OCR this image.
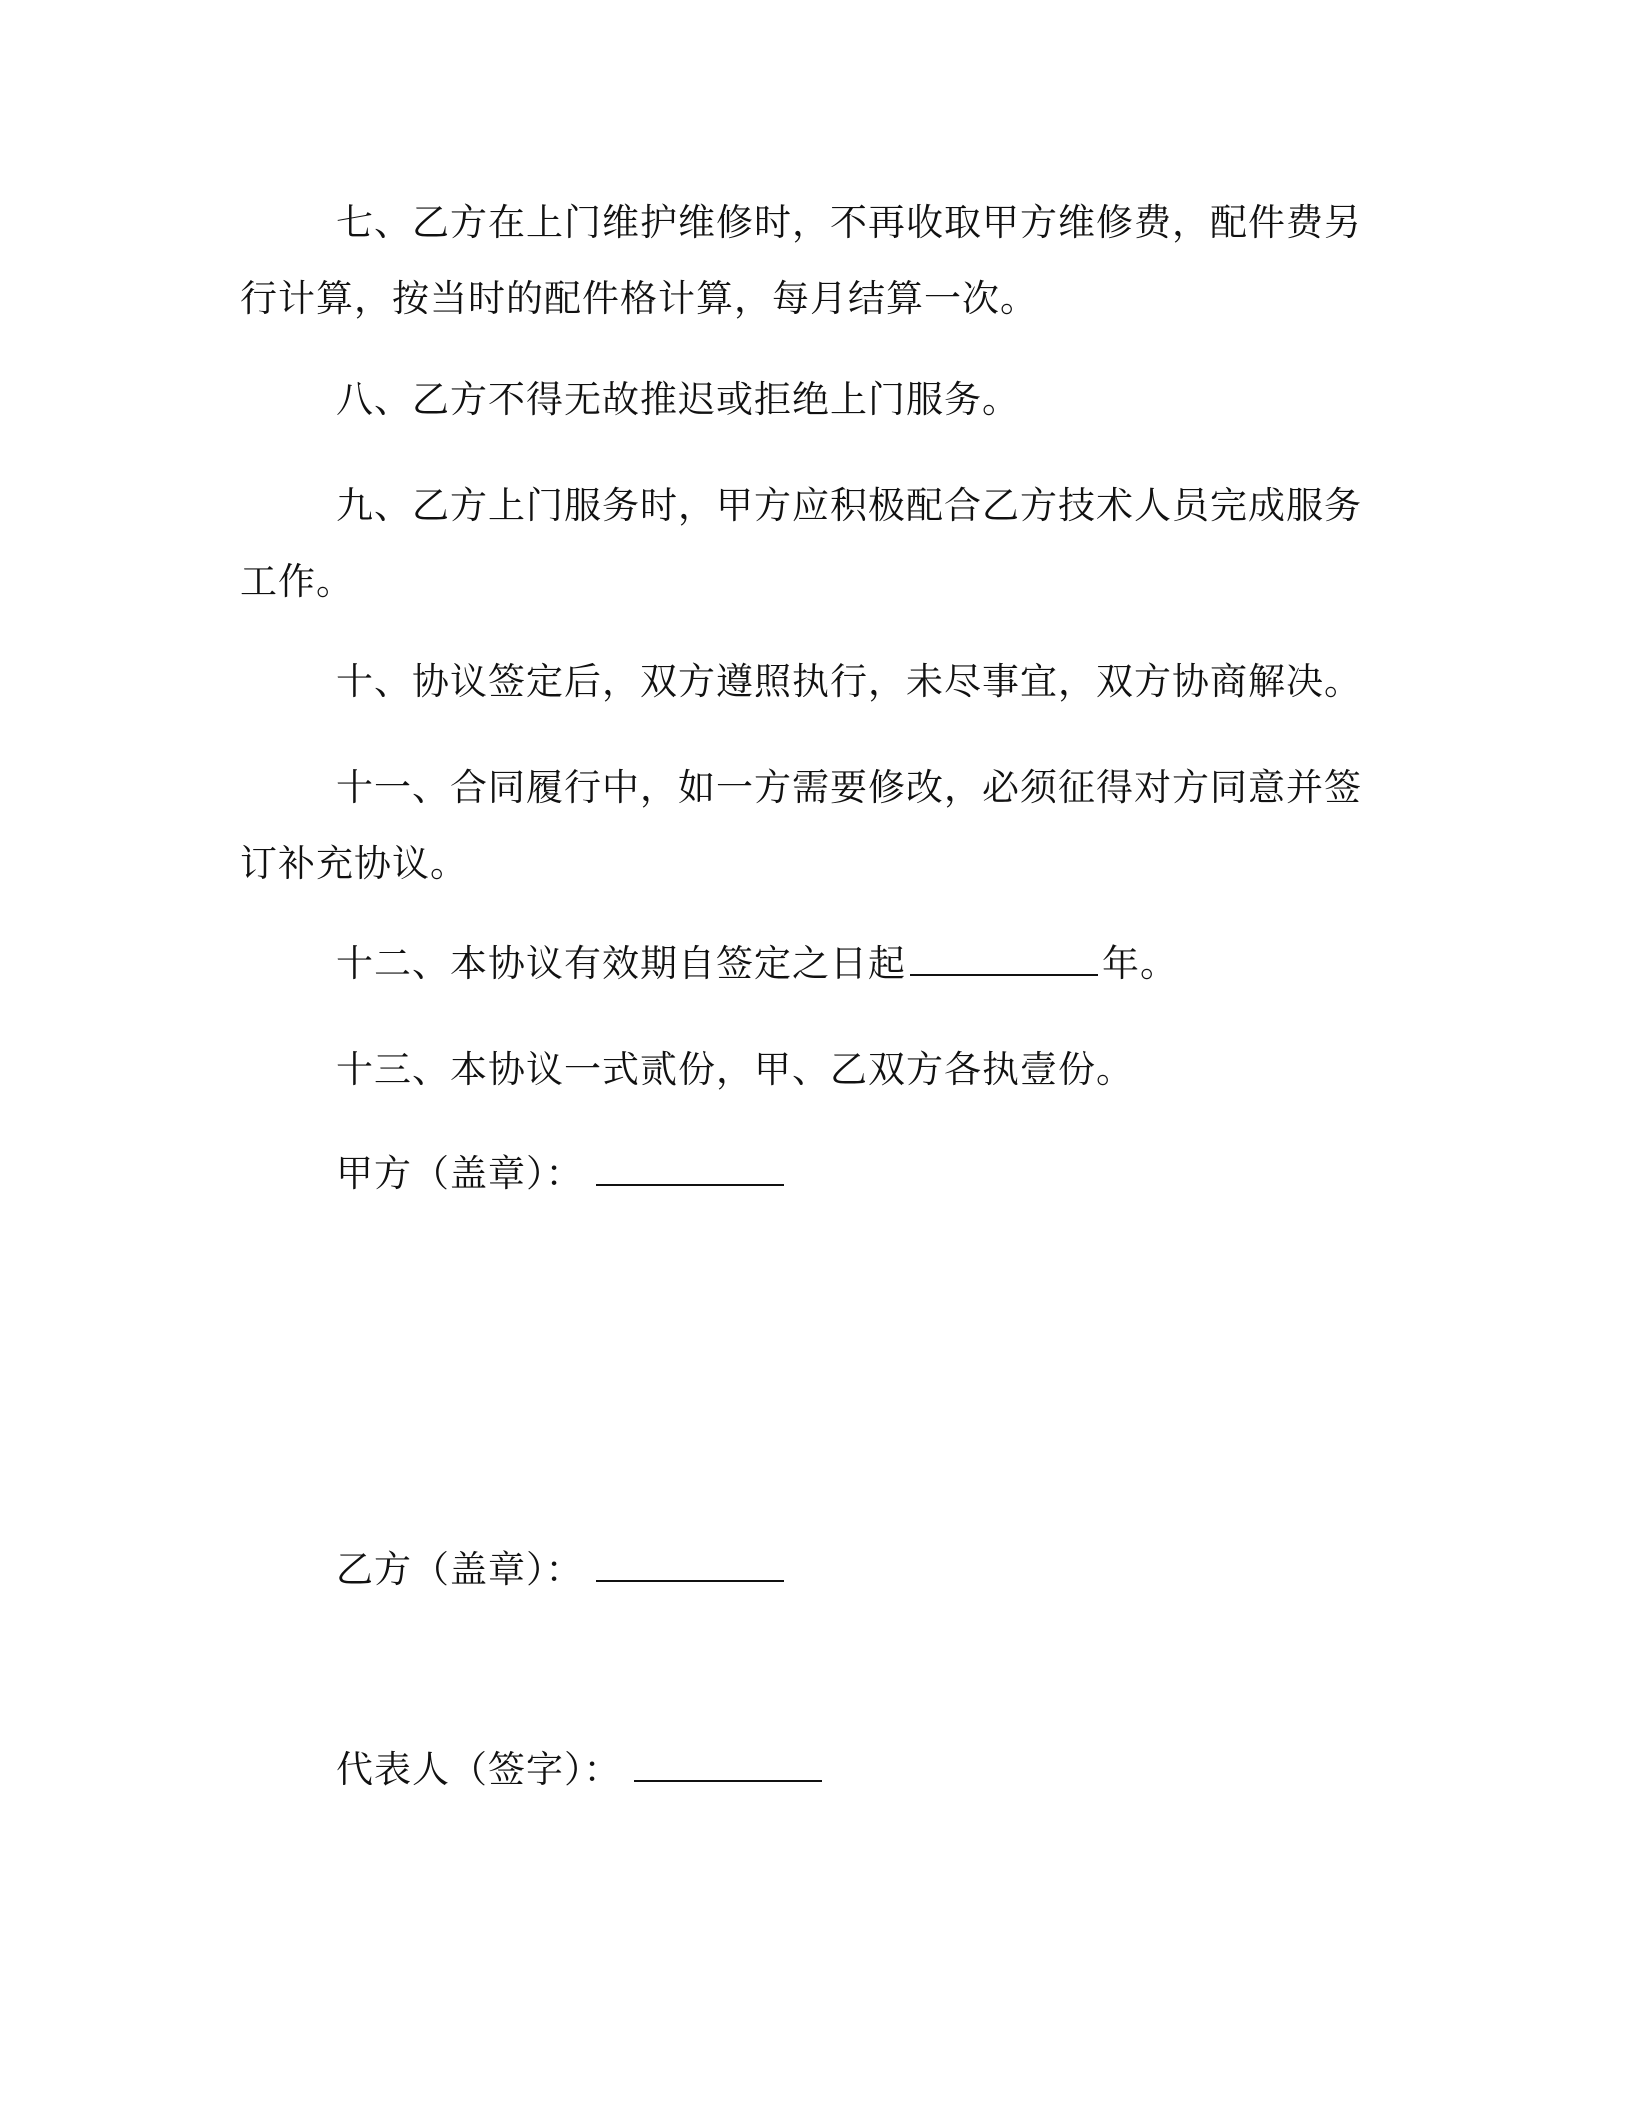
七、乙方在上门维护维修时，不再收取甲方维修费，配件费另行计算，按当时的配件格计算，每月结算一次。
八、乙方不得无故推迟或拒绝上门服务。
九、乙方上门服务时，甲方应积极配合乙方技术人员完成服务工作。
十、协议签定后，双方遵照执行，未尽事宜，双方协商解决。
十一、合同履行中，如一方需要修改，必须征得对方同意并签订补充协议。
十二、本协议有效期自签定之日起	年。
十三、本协议一式贰份，甲、乙双方各执壹份。
甲方（盖章）：
乙方（盖章）：
代表人（签字）：
